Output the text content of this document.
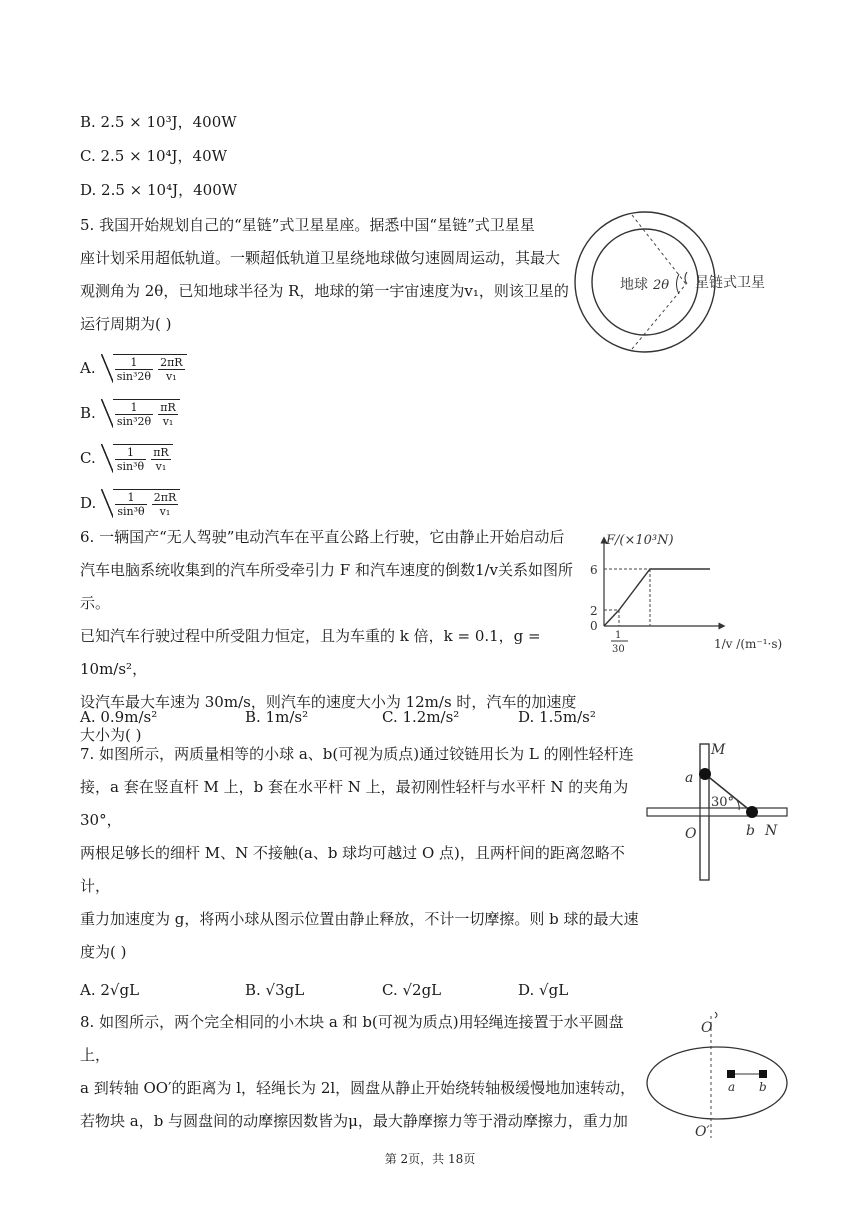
B. 2.5 × 10³J，400W
C. 2.5 × 10⁴J，40W
D. 2.5 × 10⁴J，400W
5. 我国开始规划自己的“星链”式卫星星座。据悉中国“星链”式卫星星
座计划采用超低轨道。一颗超低轨道卫星绕地球做匀速圆周运动，其最大
观测角为 2θ，已知地球半径为 R，地球的第一宇宙速度为v₁，则该卫星的
运行周期为( )
A.
$\frac{1}{\text{sin³2θ}}$
$\frac{2\pi R}{\text{v₁}}$
B.
$\frac{1}{\text{sin³2θ}}$
$\frac{\pi R}{\text{v₁}}$
C.
$\frac{1}{\text{sin³θ}}$
$\frac{\pi R}{\text{v₁}}$
D.
$\frac{1}{\text{sin³θ}}$
$\frac{2\pi R}{\text{v₁}}$
地球 2θ 星链式卫星
6. 一辆国产“无人驾驶”电动汽车在平直公路上行驶，它由静止开始启动后
汽车电脑系统收集到的汽车所受牵引力 F 和汽车速度的倒数1/v关系如图所示。
已知汽车行驶过程中所受阻力恒定，且为车重的 k 倍，k = 0.1，g = 10m/s²，
设汽车最大车速为 30m/s，则汽车的速度大小为 12m/s 时，汽车的加速度
大小为( )
A. 0.9m/s²	B. 1m/s²	C. 1.2m/s²	D. 1.5m/s²
F/(×10³N)
6
2
0
1
30	1/v /(m⁻¹·s)
7. 如图所示，两质量相等的小球 a、b(可视为质点)通过铰链用长为 L 的刚性轻杆连
接，a 套在竖直杆 M 上，b 套在水平杆 N 上，最初刚性轻杆与水平杆 N 的夹角为 30°，
两根足够长的细杆 M、N 不接触(a、b 球均可越过 O 点)，且两杆间的距离忽略不计，
重力加速度为 g，将两小球从图示位置由静止释放，不计一切摩擦。则 b 球的最大速
度为( )
A. 2√gL	B. √3gL	C. √2gL	D. √gL
M
a
30°
O	b N
8. 如图所示，两个完全相同的小木块 a 和 b(可视为质点)用轻绳连接置于水平圆盘上，
a 到转轴 OO′的距离为 l，轻绳长为 2l，圆盘从静止开始绕转轴极缓慢地加速转动，
若物块 a，b 与圆盘间的动摩擦因数皆为μ，最大静摩擦力等于滑动摩擦力，重力加
O
a b
O′
第 2页，共 18页
